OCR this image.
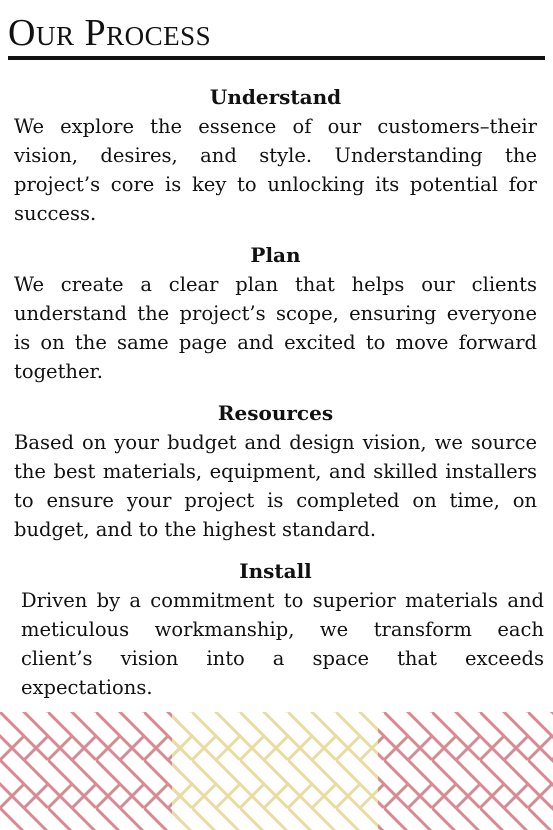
Our Process
Understand

We explore the essence of our customers–their vision, desires, and style. Understanding the project’s core is key to unlocking its potential for success.

Plan

We create a clear plan that helps our clients understand the project’s scope, ensuring everyone is on the same page and excited to move forward together.

Resources

Based on your budget and design vision, we source the best materials, equipment, and skilled installers to ensure your project is completed on time, on budget, and to the highest standard.

Install

Driven by a commitment to superior materials and meticulous workmanship, we transform each client’s vision into a space that exceeds expectations.
